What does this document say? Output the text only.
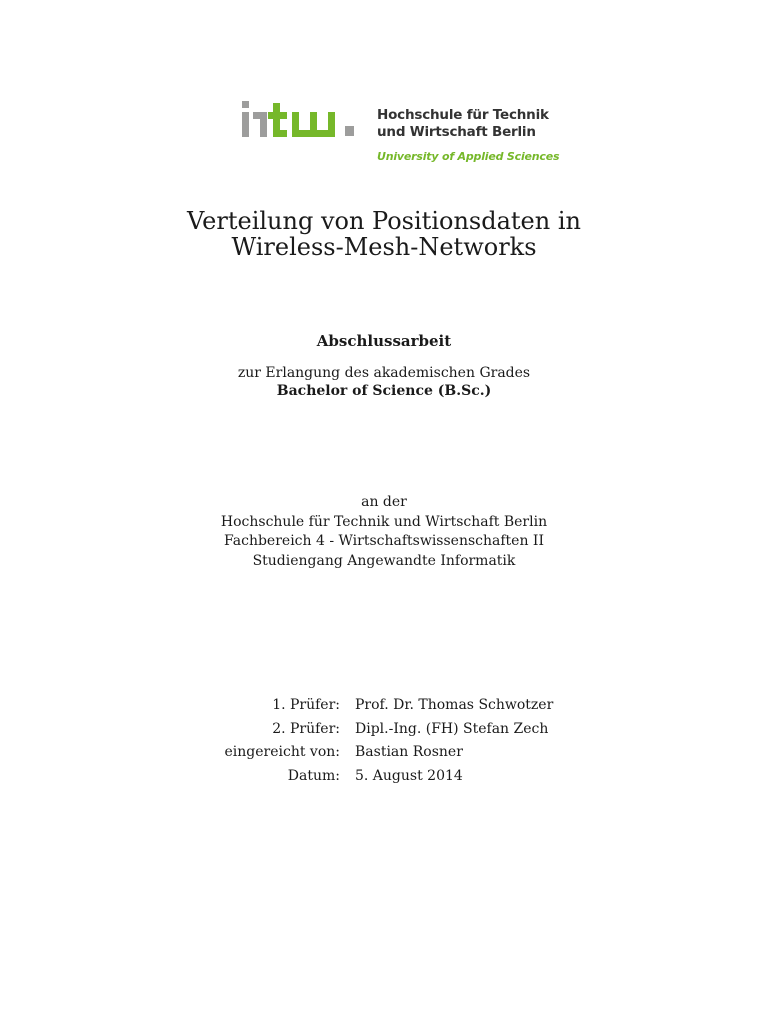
Hochschule für Technik
und Wirtschaft Berlin
University of Applied Sciences
Verteilung von Positionsdaten in
Wireless-Mesh-Networks
Abschlussarbeit
zur Erlangung des akademischen Grades
Bachelor of Science (B.Sc.)
an der
Hochschule für Technik und Wirtschaft Berlin
Fachbereich 4 - Wirtschaftswissenschaften II
Studiengang Angewandte Informatik
1. Prüfer: Prof. Dr. Thomas Schwotzer
2. Prüfer: Dipl.-Ing. (FH) Stefan Zech
eingereicht von: Bastian Rosner
Datum: 5. August 2014
